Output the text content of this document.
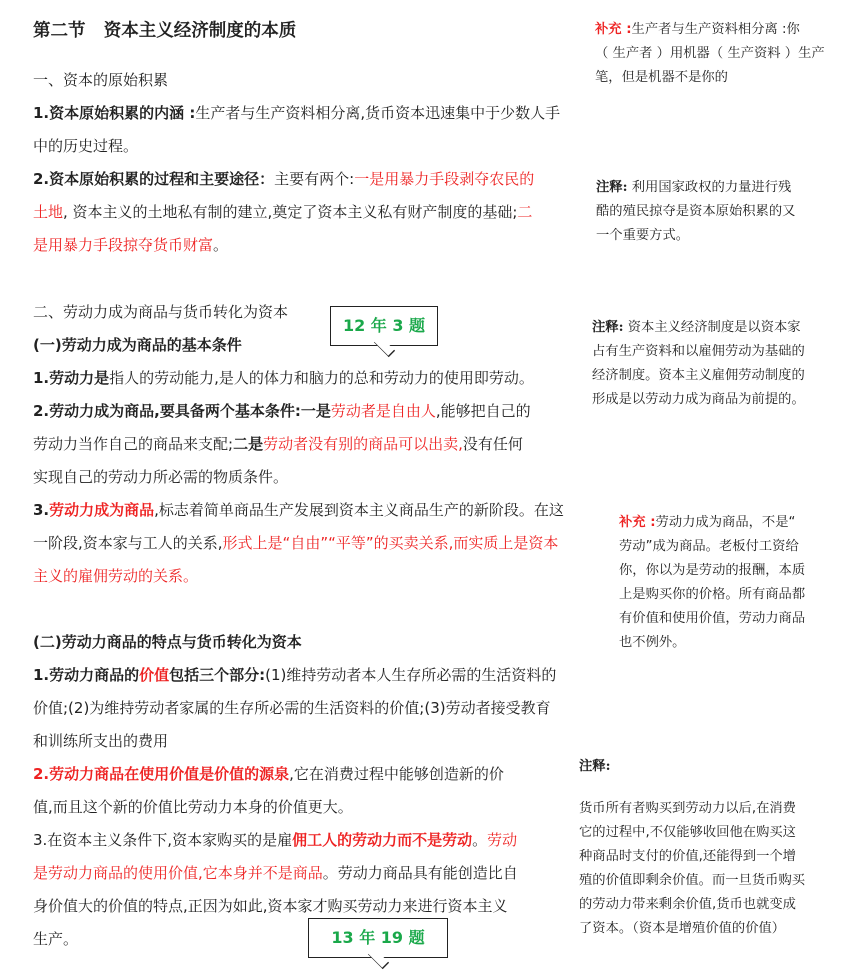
第二节   资本主义经济制度的本质
一、资本的原始积累
1.资本原始积累的内涵 :生产者与生产资料相分离,货币资本迅速集中于少数人手
中的历史过程。
2.资本原始积累的过程和主要途径：主要有两个:一是用暴力手段剥夺农民的
土地, 资本主义的土地私有制的建立,奠定了资本主义私有财产制度的基础;二
是用暴力手段掠夺货币财富。
二、劳动力成为商品与货币转化为资本
(一)劳动力成为商品的基本条件
1.劳动力是指人的劳动能力,是人的体力和脑力的总和劳动力的使用即劳动。
2.劳动力成为商品,要具备两个基本条件:一是劳动者是自由人,能够把自己的
劳动力当作自己的商品来支配;二是劳动者没有别的商品可以出卖,没有任何
实现自己的劳动力所必需的物质条件。
3.劳动力成为商品,标志着简单商品生产发展到资本主义商品生产的新阶段。在这
一阶段,资本家与工人的关系,形式上是“自由”“平等”的买卖关系,而实质上是资本
主义的雇佣劳动的关系。
(二)劳动力商品的特点与货币转化为资本
1.劳动力商品的价值包括三个部分:(1)维持劳动者本人生存所必需的生活资料的
价值;(2)为维持劳动者家属的生存所必需的生活资料的价值;(3)劳动者接受教育
和训练所支出的费用
2.劳动力商品在使用价值是价值的源泉,它在消费过程中能够创造新的价
值,而且这个新的价值比劳动力本身的价值更大。
3.在资本主义条件下,资本家购买的是雇佣工人的劳动力而不是劳动。劳动
是劳动力商品的使用价值,它本身并不是商品。劳动力商品具有能创造比自
身价值大的价值的特点,正因为如此,资本家才购买劳动力来进行资本主义
生产。
12 年 3 题
13 年 19 题
补充 :生产者与生产资料相分离 :你
（ 生产者 ）用机器（ 生产资料 ）生产
笔，但是机器不是你的
注释: 利用国家政权的力量进行残
酷的殖民掠夺是资本原始积累的又
一个重要方式。
注释: 资本主义经济制度是以资本家
占有生产资料和以雇佣劳动为基础的
经济制度。资本主义雇佣劳动制度的
形成是以劳动力成为商品为前提的。
补充 :劳动力成为商品，不是“
劳动”成为商品。老板付工资给
你，你以为是劳动的报酬，本质
上是购买你的价格。所有商品都
有价值和使用价值，劳动力商品
也不例外。
注释:
货币所有者购买到劳动力以后,在消费
它的过程中,不仅能够收回他在购买这
种商品时支付的价值,还能得到一个增
殖的价值即剩余价值。而一旦货币购买
的劳动力带来剩余价值,货币也就变成
了资本。（资本是增殖价值的价值）
